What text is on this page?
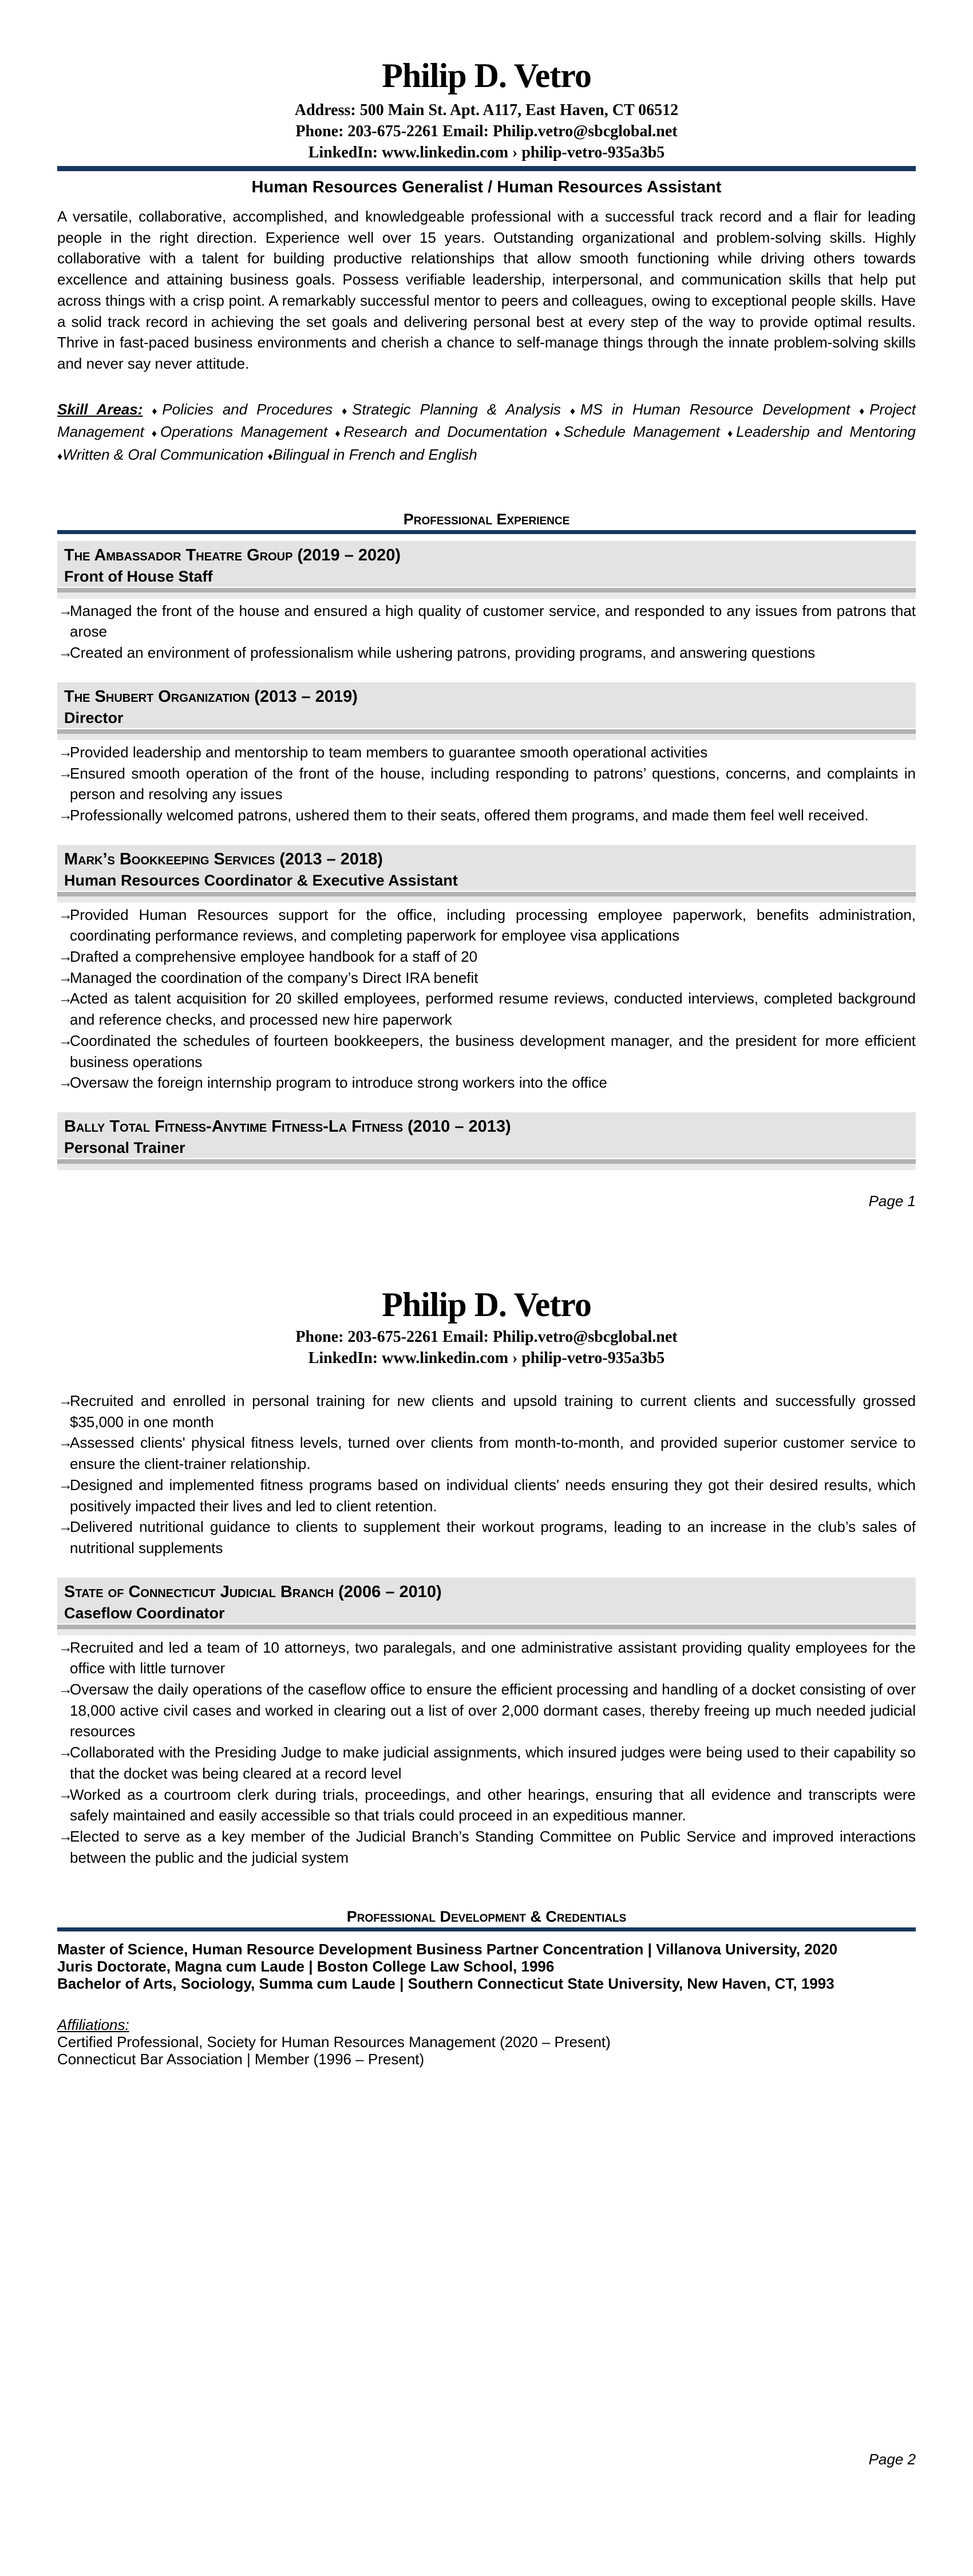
Philip D. Vetro
Address: 500 Main St. Apt. A117, East Haven, CT 06512
Phone: 203-675-2261 Email: Philip.vetro@sbcglobal.net
LinkedIn: www.linkedin.com › philip-vetro-935a3b5
Human Resources Generalist / Human Resources Assistant

A versatile, collaborative, accomplished, and knowledgeable professional with a successful track record and a flair for leading people in the right direction. Experience well over 15 years. Outstanding organizational and problem-solving skills. Highly collaborative with a talent for building productive relationships that allow smooth functioning while driving others towards excellence and attaining business goals. Possess verifiable leadership, interpersonal, and communication skills that help put across things with a crisp point. A remarkably successful mentor to peers and colleagues, owing to exceptional people skills. Have a solid track record in achieving the set goals and delivering personal best at every step of the way to provide optimal results. Thrive in fast-paced business environments and cherish a chance to self-manage things through the innate problem-solving skills and never say never attitude.

Skill Areas: ♦Policies and Procedures ♦Strategic Planning & Analysis ♦MS in Human Resource Development ♦Project Management ♦Operations Management ♦Research and Documentation ♦Schedule Management ♦Leadership and Mentoring ♦Written & Oral Communication ♦Bilingual in French and English

Professional Experience
The Ambassador Theatre Group (2019 – 2020)
Front of House Staff
→
Managed the front of the house and ensured a high quality of customer service, and responded to any issues from patrons that arose
→
Created an environment of professionalism while ushering patrons, providing programs, and answering questions
The Shubert Organization (2013 – 2019)
Director
→
Provided leadership and mentorship to team members to guarantee smooth operational activities
→
Ensured smooth operation of the front of the house, including responding to patrons’ questions, concerns, and complaints in person and resolving any issues
→
Professionally welcomed patrons, ushered them to their seats, offered them programs, and made them feel well received.
Mark’s Bookkeeping Services (2013 – 2018)
Human Resources Coordinator & Executive Assistant
→
Provided Human Resources support for the office, including processing employee paperwork, benefits administration, coordinating performance reviews, and completing paperwork for employee visa applications
→
Drafted a comprehensive employee handbook for a staff of 20
→
Managed the coordination of the company’s Direct IRA benefit
→
Acted as talent acquisition for 20 skilled employees, performed resume reviews, conducted interviews, completed background and reference checks, and processed new hire paperwork
→
Coordinated the schedules of fourteen bookkeepers, the business development manager, and the president for more efficient business operations
→
Oversaw the foreign internship program to introduce strong workers into the office
Bally Total Fitness-Anytime Fitness-La Fitness (2010 – 2013)
Personal Trainer
Page 1
Philip D. Vetro
Phone: 203-675-2261 Email: Philip.vetro@sbcglobal.net
LinkedIn: www.linkedin.com › philip-vetro-935a3b5
→
Recruited and enrolled in personal training for new clients and upsold training to current clients and successfully grossed $35,000 in one month
→
Assessed clients' physical fitness levels, turned over clients from month-to-month, and provided superior customer service to ensure the client-trainer relationship.
→
Designed and implemented fitness programs based on individual clients' needs ensuring they got their desired results, which positively impacted their lives and led to client retention.
→
Delivered nutritional guidance to clients to supplement their workout programs, leading to an increase in the club’s sales of nutritional supplements
State of Connecticut Judicial Branch (2006 – 2010)
Caseflow Coordinator
→
Recruited and led a team of 10 attorneys, two paralegals, and one administrative assistant providing quality employees for the office with little turnover
→
Oversaw the daily operations of the caseflow office to ensure the efficient processing and handling of a docket consisting of over 18,000 active civil cases and worked in clearing out a list of over 2,000 dormant cases, thereby freeing up much needed judicial resources
→
Collaborated with the Presiding Judge to make judicial assignments, which insured judges were being used to their capability so that the docket was being cleared at a record level
→
Worked as a courtroom clerk during trials, proceedings, and other hearings, ensuring that all evidence and transcripts were safely maintained and easily accessible so that trials could proceed in an expeditious manner.
→
Elected to serve as a key member of the Judicial Branch’s Standing Committee on Public Service and improved interactions between the public and the judicial system
Professional Development & Credentials
Master of Science, Human Resource Development Business Partner Concentration | Villanova University, 2020
Juris Doctorate, Magna cum Laude | Boston College Law School, 1996
Bachelor of Arts, Sociology, Summa cum Laude | Southern Connecticut State University, New Haven, CT, 1993
Affiliations:
Certified Professional, Society for Human Resources Management (2020 – Present)
Connecticut Bar Association | Member (1996 – Present)
Page 2
